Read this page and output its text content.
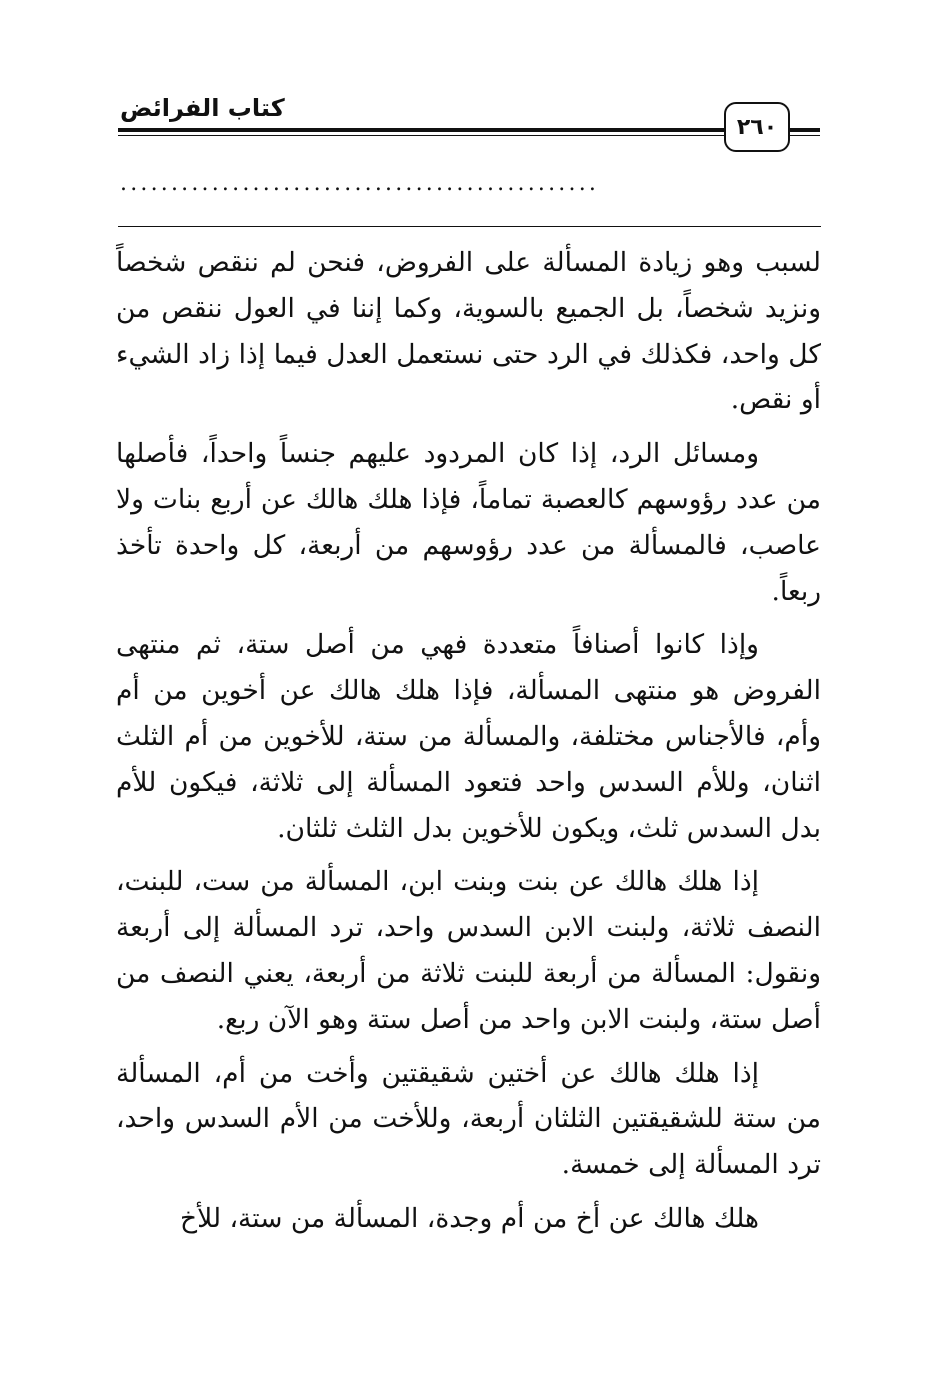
كتاب الفرائض
٢٦٠
...............................................

لسبب وهو زيادة المسألة على الفروض، فنحن لم ننقص شخصاً ونزيد شخصاً، بل الجميع بالسوية، وكما إننا في العول ننقص من كل واحد، فكذلك في الرد حتى نستعمل العدل فيما إذا زاد الشيء أو نقص.

ومسائل الرد، إذا كان المردود عليهم جنساً واحداً، فأصلها من عدد رؤوسهم كالعصبة تماماً، فإذا هلك هالك عن أربع بنات ولا عاصب، فالمسألة من عدد رؤوسهم من أربعة، كل واحدة تأخذ ربعاً.

وإذا كانوا أصنافاً متعددة فهي من أصل ستة، ثم منتهى الفروض هو منتهى المسألة، فإذا هلك هالك عن أخوين من أم وأم، فالأجناس مختلفة، والمسألة من ستة، للأخوين من أم الثلث اثنان، وللأم السدس واحد فتعود المسألة إلى ثلاثة، فيكون للأم بدل السدس ثلث، ويكون للأخوين بدل الثلث ثلثان.

إذا هلك هالك عن بنت وبنت ابن، المسألة من ست، للبنت، النصف ثلاثة، ولبنت الابن السدس واحد، ترد المسألة إلى أربعة ونقول: المسألة من أربعة للبنت ثلاثة من أربعة، يعني النصف من أصل ستة، ولبنت الابن واحد من أصل ستة وهو الآن ربع.

إذا هلك هالك عن أختين شقيقتين وأخت من أم، المسألة من ستة للشقيقتين الثلثان أربعة، وللأخت من الأم السدس واحد، ترد المسألة إلى خمسة.

هلك هالك عن أخ من أم وجدة، المسألة من ستة، للأخ
